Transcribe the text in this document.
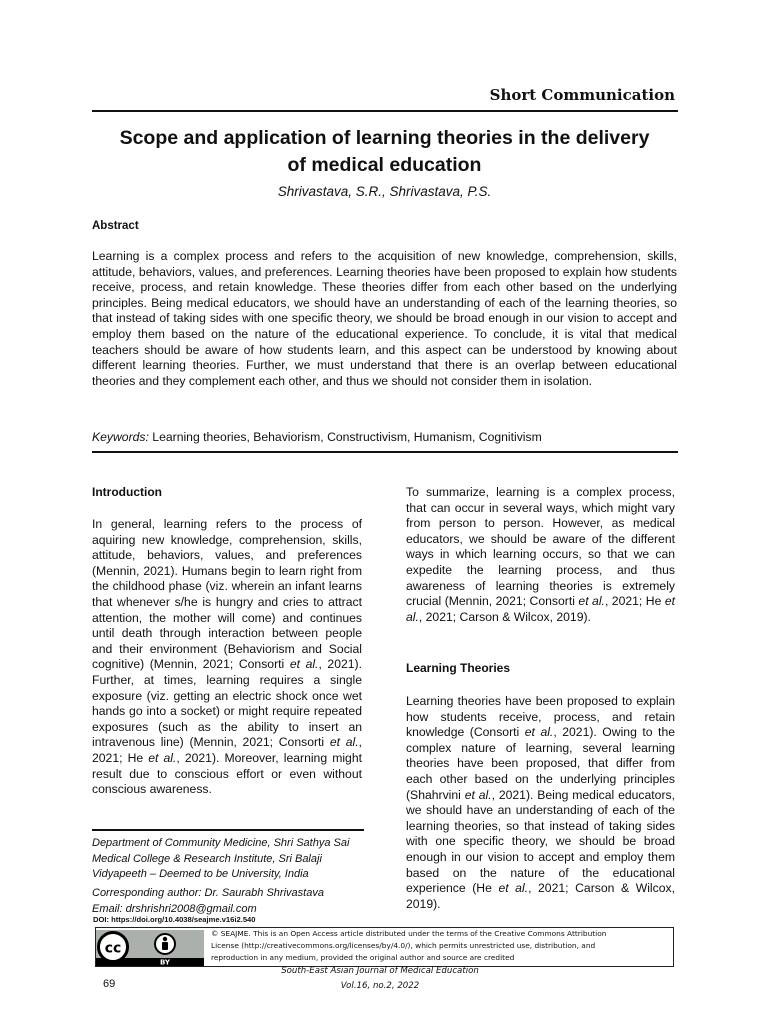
Short Communication
Scope and application of learning theories in the delivery
of medical education
Shrivastava, S.R., Shrivastava, P.S.
Abstract
Learning is a complex process and refers to the acquisition of new knowledge, comprehension, skills, attitude, behaviors, values, and preferences. Learning theories have been proposed to explain how students receive, process, and retain knowledge. These theories differ from each other based on the underlying principles. Being medical educators, we should have an understanding of each of the learning theories, so that instead of taking sides with one specific theory, we should be broad enough in our vision to accept and employ them based on the nature of the educational experience. To conclude, it is vital that medical teachers should be aware of how students learn, and this aspect can be understood by knowing about different learning theories. Further, we must understand that there is an overlap between educational theories and they complement each other, and thus we should not consider them in isolation.
Keywords: Learning theories, Behaviorism, Constructivism, Humanism, Cognitivism
Introduction
In general, learning refers to the process of aquiring new knowledge, comprehension, skills, attitude, behaviors, values, and preferences (Mennin, 2021). Humans begin to learn right from the childhood phase (viz. wherein an infant learns that whenever s/he is hungry and cries to attract attention, the mother will come) and continues until death through interaction between people and their environment (Behaviorism and Social cognitive) (Mennin, 2021; Consorti et al., 2021). Further, at times, learning requires a single exposure (viz. getting an electric shock once wet hands go into a socket) or might require repeated exposures (such as the ability to insert an intravenous line) (Mennin, 2021; Consorti et al., 2021; He et al., 2021). Moreover, learning might result due to conscious effort or even without conscious awareness.
To summarize, learning is a complex process, that can occur in several ways, which might vary from person to person. However, as medical educators, we should be aware of the different ways in which learning occurs, so that we can expedite the learning process, and thus awareness of learning theories is extremely crucial (Mennin, 2021; Consorti et al., 2021; He et al., 2021; Carson & Wilcox, 2019).
Learning Theories
Learning theories have been proposed to explain how students receive, process, and retain knowledge (Consorti et al., 2021). Owing to the complex nature of learning, several learning theories have been proposed, that differ from each other based on the underlying principles (Shahrvini et al., 2021). Being medical educators, we should have an understanding of each of the learning theories, so that instead of taking sides with one specific theory, we should be broad enough in our vision to accept and employ them based on the nature of the educational experience (He et al., 2021; Carson & Wilcox, 2019).
Department of Community Medicine, Shri Sathya Sai Medical College & Research Institute, Sri Balaji Vidyapeeth – Deemed to be University, India
Corresponding author: Dr. Saurabh Shrivastava
Email: drshrishri2008@gmail.com
DOI: https://doi.org/10.4038/seajme.v16i2.540
cc
BY
© SEAJME. This is an Open Access article distributed under the terms of the Creative Commons Attribution
License (http://creativecommons.org/licenses/by/4.0/), which permits unrestricted use, distribution, and
reproduction in any medium, provided the original author and source are credited
South-East Asian Journal of Medical Education
Vol.16, no.2, 2022
69
